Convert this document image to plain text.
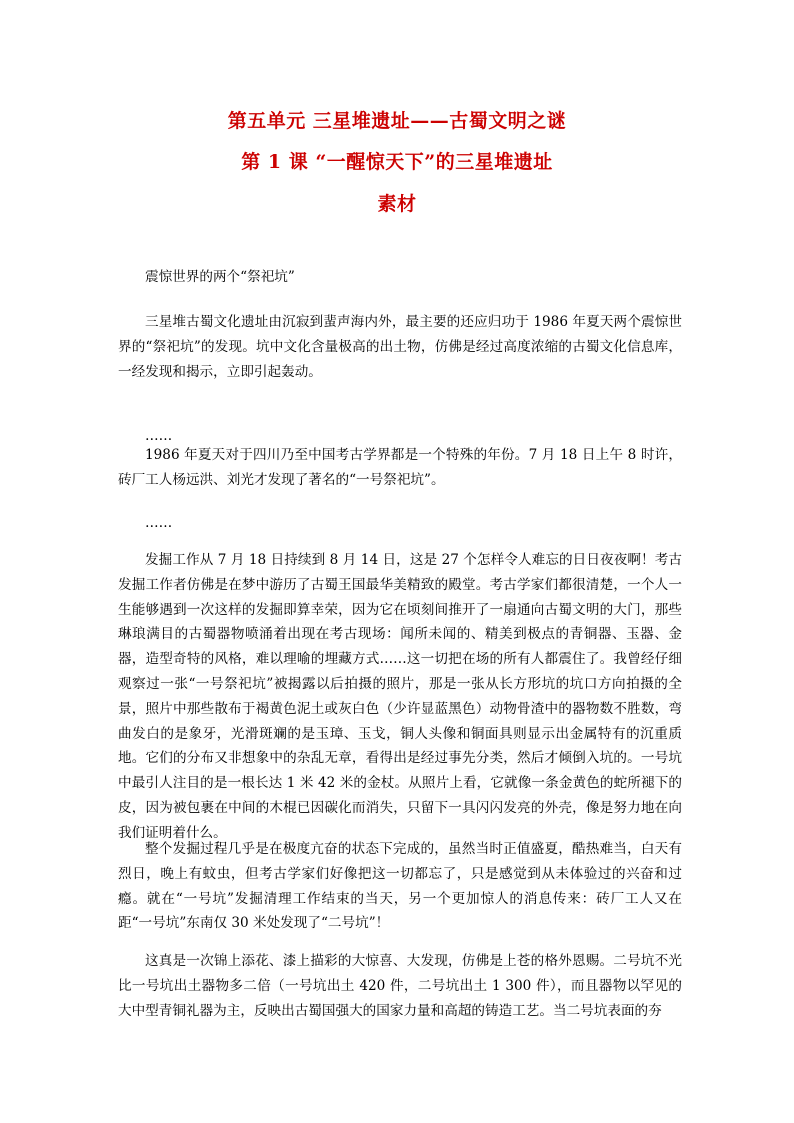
第五单元 三星堆遗址——古蜀文明之谜
第 1 课 “一醒惊天下”的三星堆遗址
素材

震惊世界的两个“祭祀坑”

三星堆古蜀文化遗址由沉寂到蜚声海内外，最主要的还应归功于 1986 年夏天两个震惊世界的“祭祀坑”的发现。坑中文化含量极高的出土物，仿佛是经过高度浓缩的古蜀文化信息库，一经发现和揭示，立即引起轰动。

……

1986 年夏天对于四川乃至中国考古学界都是一个特殊的年份。7 月 18 日上午 8 时许，砖厂工人杨远洪、刘光才发现了著名的“一号祭祀坑”。

……

发掘工作从 7 月 18 日持续到 8 月 14 日，这是 27 个怎样令人难忘的日日夜夜啊！考古发掘工作者仿佛是在梦中游历了古蜀王国最华美精致的殿堂。考古学家们都很清楚，一个人一生能够遇到一次这样的发掘即算幸荣，因为它在顷刻间推开了一扇通向古蜀文明的大门，那些琳琅满目的古蜀器物喷涌着出现在考古现场：闻所未闻的、精美到极点的青铜器、玉器、金器，造型奇特的风格，难以理喻的埋藏方式……这一切把在场的所有人都震住了。我曾经仔细观察过一张“一号祭祀坑”被揭露以后拍摄的照片，那是一张从长方形坑的坑口方向拍摄的全景，照片中那些散布于褐黄色泥土或灰白色（少许显蓝黑色）动物骨渣中的器物数不胜数，弯曲发白的是象牙，光滑斑斓的是玉璋、玉戈，铜人头像和铜面具则显示出金属特有的沉重质地。它们的分布又非想象中的杂乱无章，看得出是经过事先分类，然后才倾倒入坑的。一号坑中最引人注目的是一根长达 1 米 42 米的金杖。从照片上看，它就像一条金黄色的蛇所褪下的皮，因为被包裹在中间的木棍已因碳化而消失，只留下一具闪闪发亮的外壳，像是努力地在向我们证明着什么。

整个发掘过程几乎是在极度亢奋的状态下完成的，虽然当时正值盛夏，酷热难当，白天有烈日，晚上有蚊虫，但考古学家们好像把这一切都忘了，只是感觉到从未体验过的兴奋和过瘾。就在“一号坑”发掘清理工作结束的当天，另一个更加惊人的消息传来：砖厂工人又在距“一号坑”东南仅 30 米处发现了“二号坑”！

这真是一次锦上添花、漆上描彩的大惊喜、大发现，仿佛是上苍的格外恩赐。二号坑不光比一号坑出土器物多二倍（一号坑出土 420 件，二号坑出土 1 300 件），而且器物以罕见的大中型青铜礼器为主，反映出古蜀国强大的国家力量和高超的铸造工艺。当二号坑表面的夯
